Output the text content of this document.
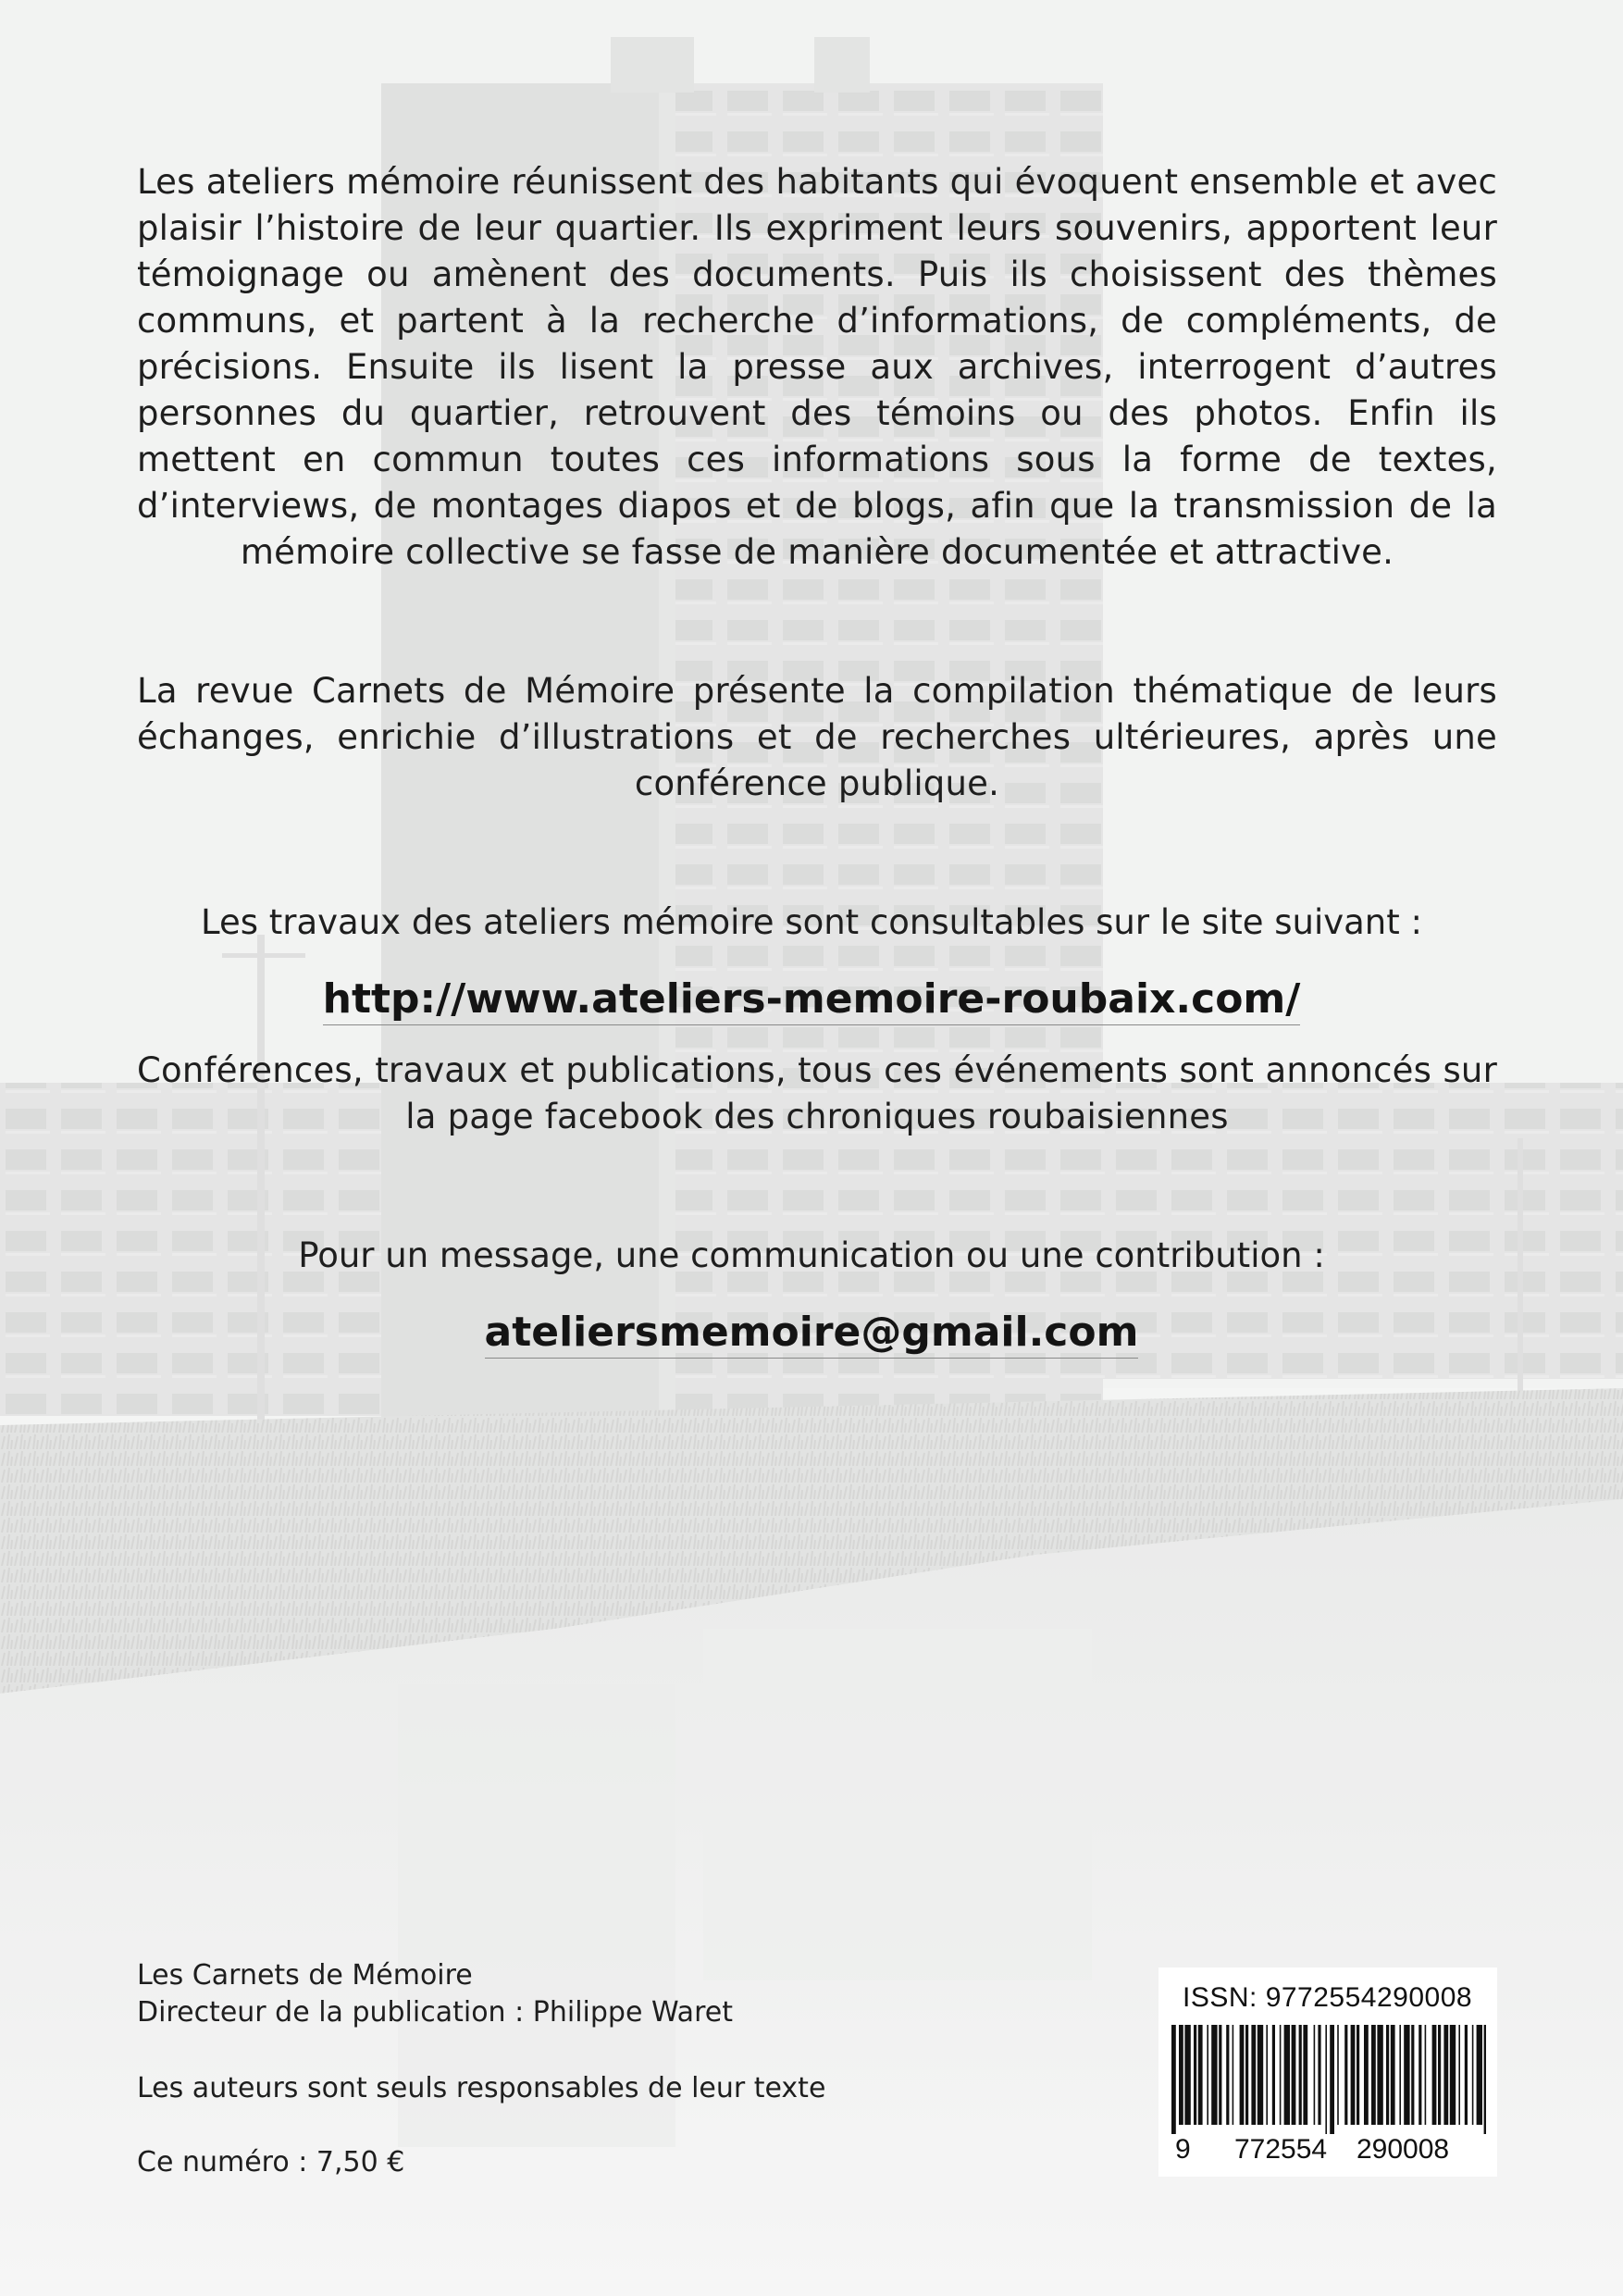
Les ateliers mémoire réunissent des habitants qui évoquent ensemble et avec plaisir l’histoire de leur quartier. Ils expriment leurs souvenirs, apportent leur témoignage ou amènent des documents. Puis ils choisissent des thèmes communs, et partent à la recherche d’informations, de compléments, de précisions. Ensuite ils lisent la presse aux archives, interrogent d’autres personnes du quartier, retrouvent des témoins ou des photos. Enfin ils mettent en commun toutes ces informations sous la forme de textes, d’interviews, de montages diapos et de blogs, afin que la transmission de la mémoire collective se fasse de manière documentée et attractive.

La revue Carnets de Mémoire présente la compilation thématique de leurs échanges, enrichie d’illustrations et de recherches ultérieures, après une conférence publique.

Les travaux des ateliers mémoire sont consultables sur le site suivant :

http://www.ateliers-memoire-roubaix.com/

Conférences, travaux et publications, tous ces événements sont annoncés sur la page facebook des chroniques roubaisiennes

Pour un message, une communication ou une contribution :

ateliersmemoire@gmail.com

Les Carnets de Mémoire

Directeur de la publication : Philippe Waret

Les auteurs sont seuls responsables de leur texte

Ce numéro : 7,50 €

ISSN: 9772554290008
9 772554 290008
